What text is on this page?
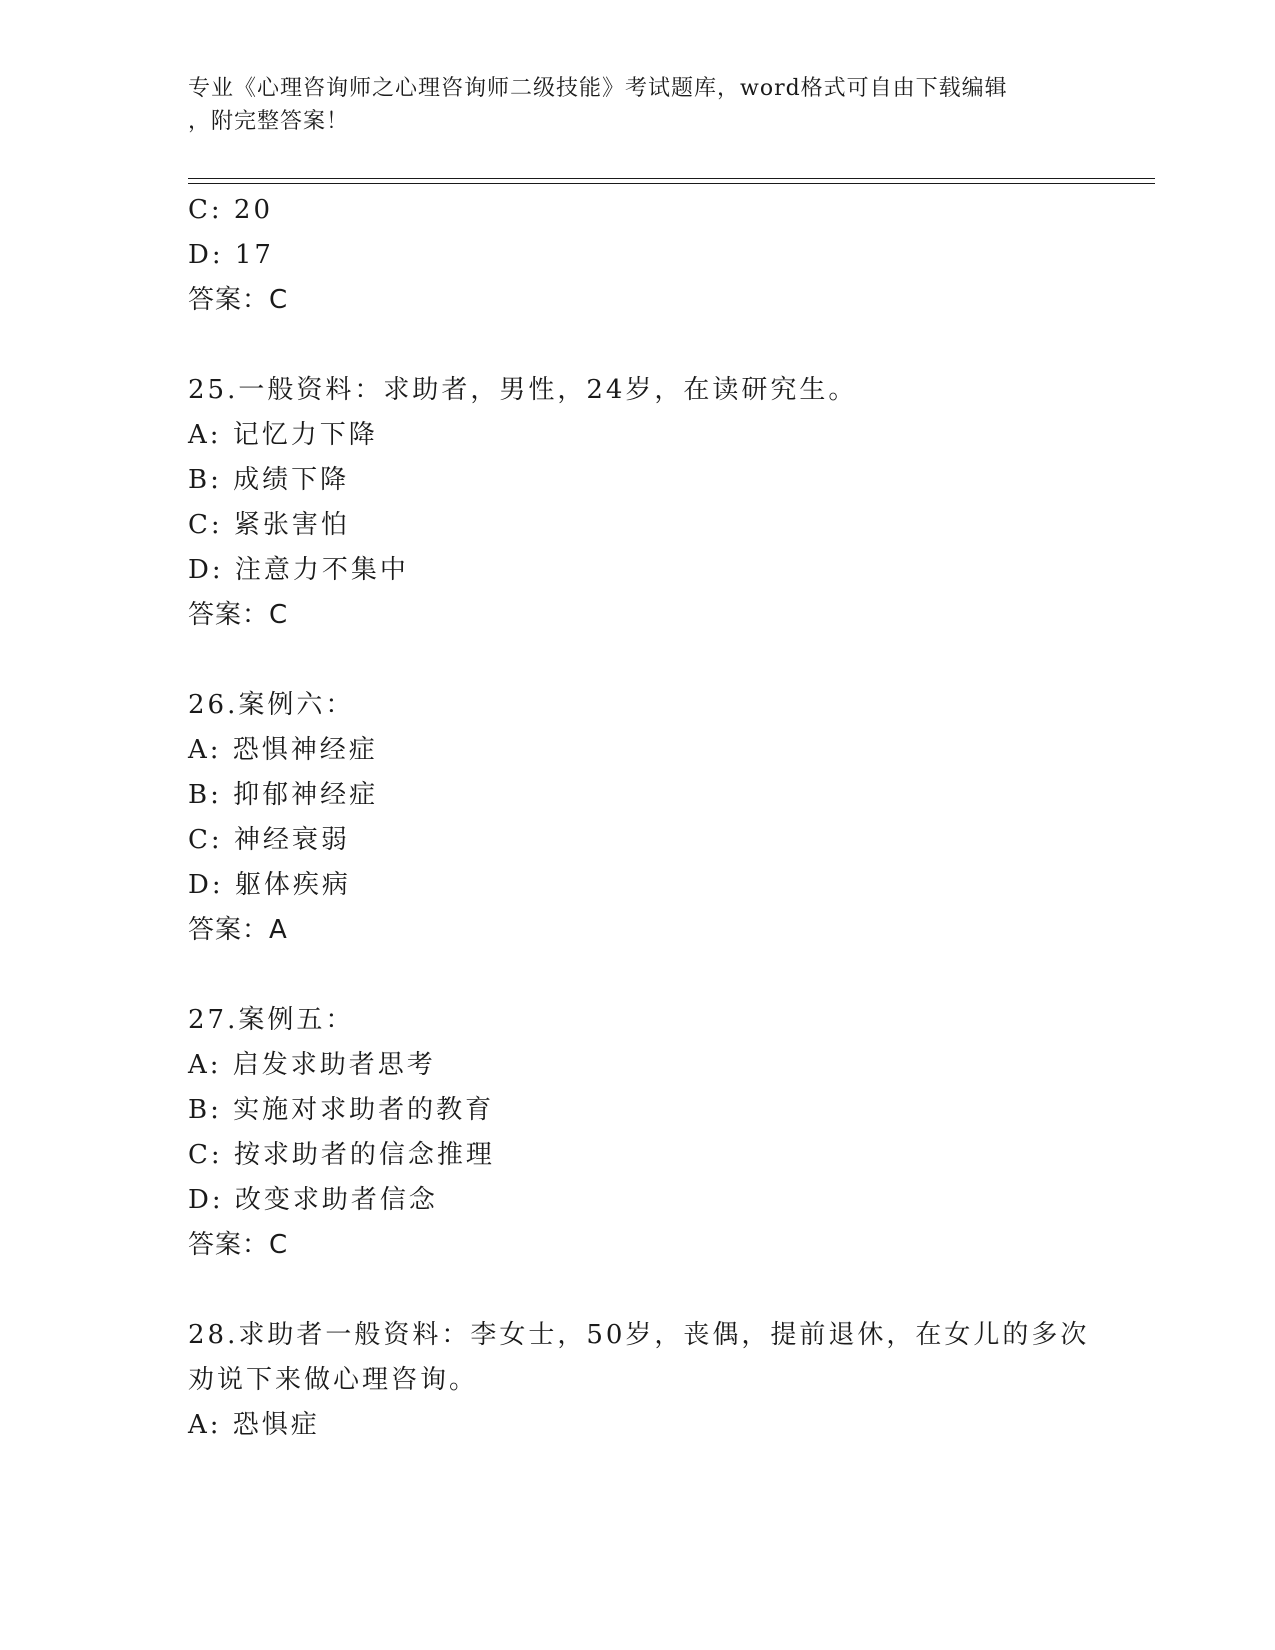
专业《心理咨询师之心理咨询师二级技能》考试题库，word格式可自由下载编辑
，附完整答案！
C: 20
D: 17
答案：C
25.一般资料：求助者，男性，24岁，在读研究生。
A: 记忆力下降
B: 成绩下降
C: 紧张害怕
D: 注意力不集中
答案：C
26.案例六：
A: 恐惧神经症
B: 抑郁神经症
C: 神经衰弱
D: 躯体疾病
答案：A
27.案例五：
A: 启发求助者思考
B: 实施对求助者的教育
C: 按求助者的信念推理
D: 改变求助者信念
答案：C
28.求助者一般资料：李女士，50岁，丧偶，提前退休，在女儿的多次
劝说下来做心理咨询。
A: 恐惧症
